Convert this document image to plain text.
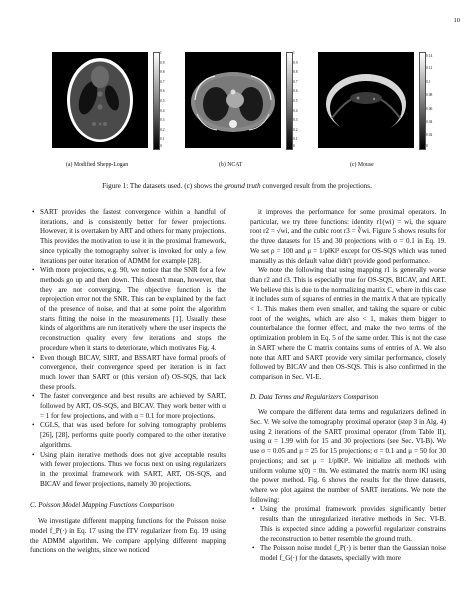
10
1
0.9
0.8
0.7
0.6
0.5
0.4
0.3
0.2
0.1
0
(a) Modified Shepp-Logan
1
0.9
0.8
0.7
0.6
0.5
0.4
0.3
0.2
0.1
0
(b) NCAT
0.14
0.12
0.1
0.08
0.06
0.04
0.02
0
(c) Mouse
Figure 1: The datasets used. (c) shows the ground truth converged result from the projections.
• SART provides the fastest convergence within a handful of iterations, and is consistently better for fewer projections. However, it is overtaken by ART and others for many projections. This provides the motivation to use it in the proximal framework, since typically the tomography solver is invoked for only a few iterations per outer iteration of ADMM for example [28].
• With more projections, e.g. 90, we notice that the SNR for a few methods go up and then down. This doesn't mean, however, that they are not converging. The objective function is the reprojection error not the SNR. This can be explained by the fact of the presence of noise, and that at some point the algorithm starts fitting the noise in the measurements [1]. Usually these kinds of algorithms are run iteratively where the user inspects the reconstruction quality every few iterations and stops the procedure when it starts to deteriorate, which motivates Fig. 4.
• Even though BICAV, SIRT, and BSSART have formal proofs of convergence, their convergence speed per iteration is in fact much lower than SART or (this version of) OS-SQS, that lack these proofs.
• The faster convergence and best results are achieved by SART, followed by ART, OS-SQS, and BICAV. They work better with α = 1 for few projections, and with α = 0.1 for more projections.
• CGLS, that was used before for solving tomography problems [26], [28], performs quite poorly compared to the other iterative algorithms.
• Using plain iterative methods does not give acceptable results with fewer projections. Thus we focus next on using regularizers in the proximal framework with SART, ART, OS-SQS, and BICAV and fewer projections, namely 30 projections.
C. Poisson Model Mapping Functions Comparison

We investigate different mapping functions for the Poisson noise model f_P(·) in Eq. 17 using the ITV regularizer from Eq. 19 using the ADMM algorithm. We compare applying different mapping functions on the weights, since we noticed

it improves the performance for some proximal operators. In particular, we try three functions: identity r1(wi) = wi, the square root r2 = √wi, and the cubic root r3 = ∛wi. Figure 5 shows results for the three datasets for 15 and 30 projections with σ = 0.1 in Eq. 19. We set ρ = 100 and μ = 1/ρ‖K‖² except for OS-SQS which was tuned manually as this default value didn't provide good performance.

We note the following that using mapping r1 is generally worse than r2 and r3. This is especially true for OS-SQS, BICAV, and ART. We believe this is due to the normalizing matrix C, where in this case it includes sum of squares of entries in the matrix A that are typically < 1. This makes them even smaller, and taking the square or cubic root of the weights, which are also < 1, makes them bigger to counterbalance the former effect, and make the two terms of the optimization problem in Eq. 5 of the same order. This is not the case in SART where the C matrix contains sums of entries of A. We also note that ART and SART provide very similar performance, closely followed by BICAV and then OS-SQS. This is also confirmed in the comparison in Sec. VI-E.

D. Data Terms and Regularizers Comparison

We compare the different data terms and regularizers defined in Sec. V. We solve the tomography proximal operator (step 3 in Alg. 4) using 2 iterations of the SART proximal operator (from Table II), using α = 1.99 with for 15 and 30 projections (see Sec. VI-B). We use σ = 0.05 and μ = 25 for 15 projections; σ = 0.1 and μ = 50 for 30 projections; and set μ = 1/ρ‖K‖². We initialize all methods with uniform volume x(0) = 0n. We estimated the matrix norm ‖K‖ using the power method. Fig. 6 shows the results for the three datasets, where we plot against the number of SART iterations. We note the following:

• Using the proximal framework provides significantly better results than the unregularized iterative methods in Sec. VI-B. This is expected since adding a powerful regularizer constrains the reconstruction to better resemble the ground truth.
• The Poisson noise model f_P(·) is better than the Gaussian noise model f_G(·) for the datasets, specially with more
